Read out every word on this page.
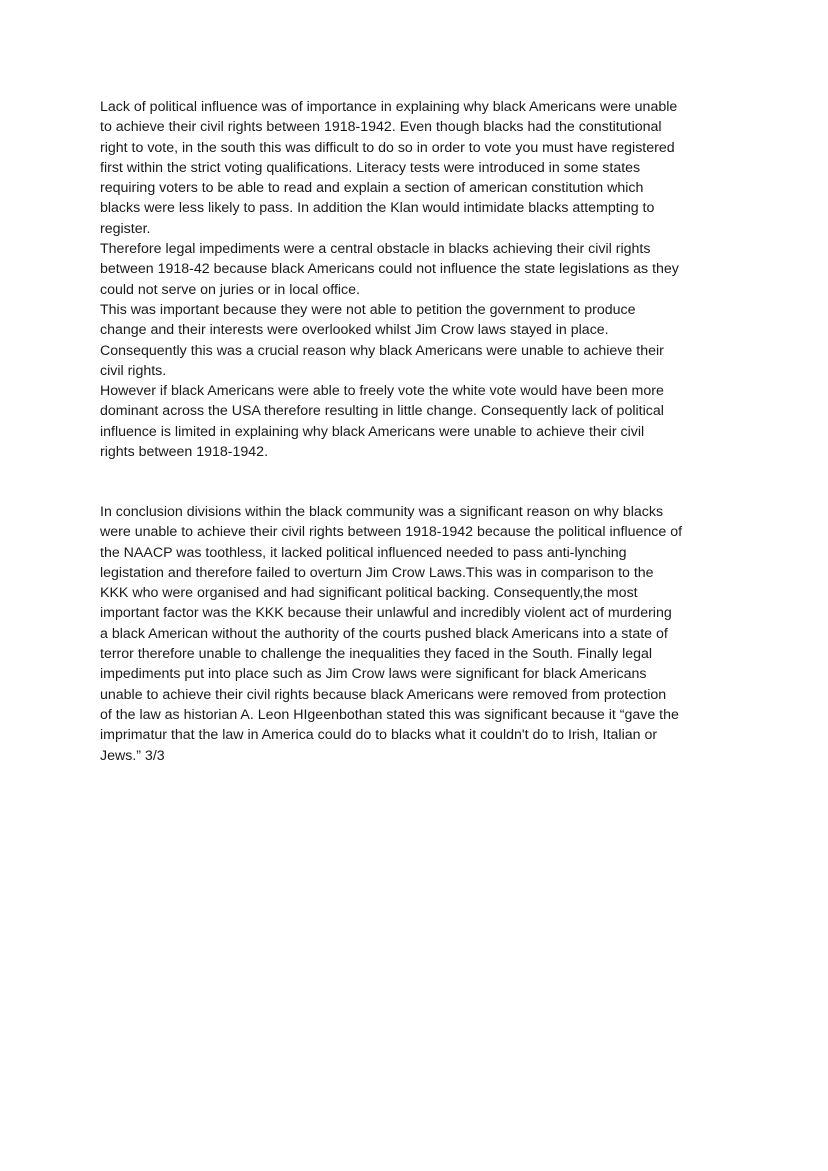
Lack of political influence was of importance in explaining why black Americans were unable
to achieve their civil rights between 1918-1942. Even though blacks had the constitutional
right to vote, in the south this was difficult to do so in order to vote you must have registered
first within the strict voting qualifications. Literacy tests were introduced in some states
requiring voters to be able to read and explain a section of american constitution which
blacks were less likely to pass. In addition the Klan would intimidate blacks attempting to
register.
Therefore legal impediments were a central obstacle in blacks achieving their civil rights
between 1918-42 because black Americans could not influence the state legislations as they
could not serve on juries or in local office.
This was important because they were not able to petition the government to produce
change and their interests were overlooked whilst Jim Crow laws stayed in place.
Consequently this was a crucial reason why black Americans were unable to achieve their
civil rights.
However if black Americans were able to freely vote the white vote would have been more
dominant across the USA therefore resulting in little change. Consequently lack of political
influence is limited in explaining why black Americans were unable to achieve their civil
rights between 1918-1942.
In conclusion divisions within the black community was a significant reason on why blacks
were unable to achieve their civil rights between 1918-1942 because the political influence of
the NAACP was toothless, it lacked political influenced needed to pass anti-lynching
legistation and therefore failed to overturn Jim Crow Laws.This was in comparison to the
KKK who were organised and had significant political backing. Consequently,the most
important factor was the KKK because their unlawful and incredibly violent act of murdering
a black American without the authority of the courts pushed black Americans into a state of
terror therefore unable to challenge the inequalities they faced in the South. Finally legal
impediments put into place such as Jim Crow laws were significant for black Americans
unable to achieve their civil rights because black Americans were removed from protection
of the law as historian A. Leon HIgeenbothan stated this was significant because it “gave the
imprimatur that the law in America could do to blacks what it couldn't do to Irish, Italian or
Jews.” 3/3
